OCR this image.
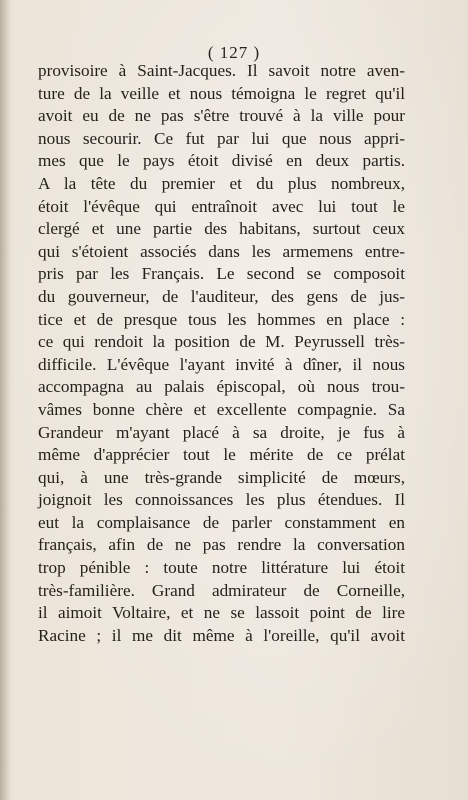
( 127 )
provisoire à Saint-Jacques. Il savoit notre aven-
ture de la veille et nous témoigna le regret qu'il
avoit eu de ne pas s'être trouvé à la ville pour
nous secourir. Ce fut par lui que nous appri-
mes que le pays étoit divisé en deux partis.
A la tête du premier et du plus nombreux,
étoit l'évêque qui entraînoit avec lui tout le
clergé et une partie des habitans, surtout ceux
qui s'étoient associés dans les armemens entre-
pris par les Français. Le second se composoit
du gouverneur, de l'auditeur, des gens de jus-
tice et de presque tous les hommes en place :
ce qui rendoit la position de M. Peyrussell très-
difficile. L'évêque l'ayant invité à dîner, il nous
accompagna au palais épiscopal, où nous trou-
vâmes bonne chère et excellente compagnie. Sa
Grandeur m'ayant placé à sa droite, je fus à
même d'apprécier tout le mérite de ce prélat
qui, à une très-grande simplicité de mœurs,
joignoit les connoissances les plus étendues. Il
eut la complaisance de parler constamment en
français, afin de ne pas rendre la conversation
trop pénible : toute notre littérature lui étoit
très-familière. Grand admirateur de Corneille,
il aimoit Voltaire, et ne se lassoit point de lire
Racine ; il me dit même à l'oreille, qu'il avoit
